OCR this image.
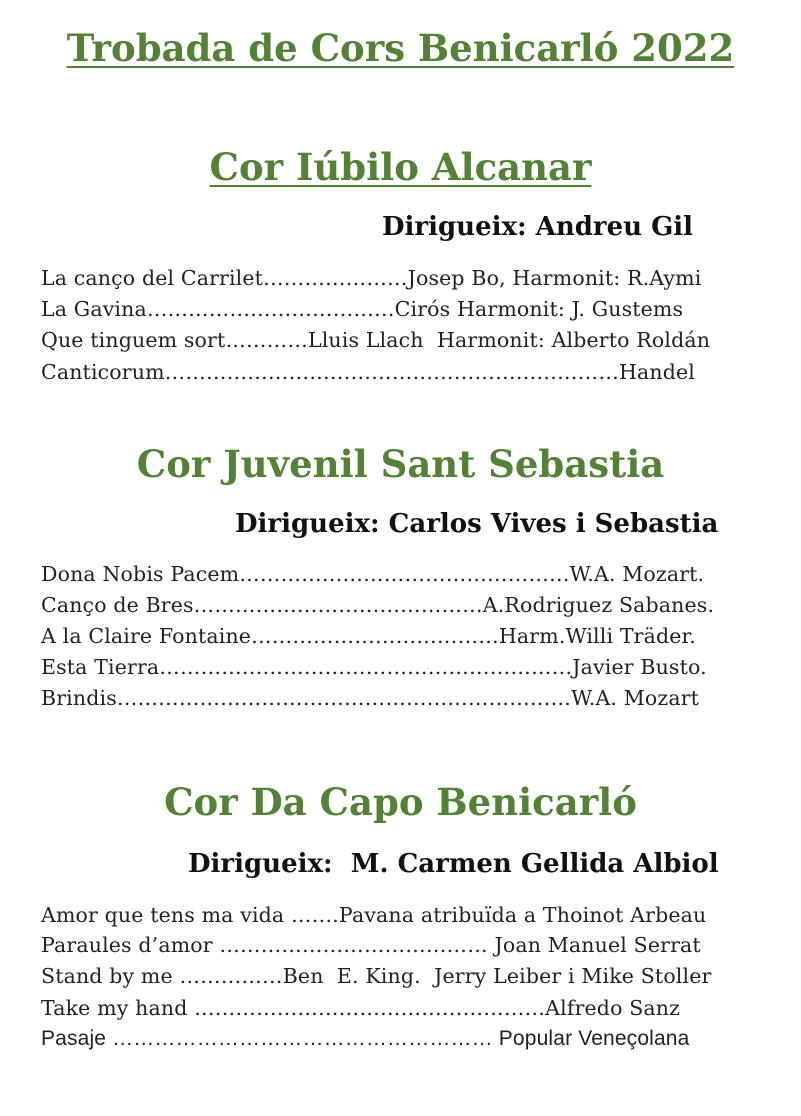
Trobada de Cors Benicarló 2022
Cor Iúbilo Alcanar

Dirigueix: Andreu Gil

La canço del Carrilet…………………Josep Bo, Harmonit: R.Aymi

La Gavina………………………………Cirós Harmonit: J. Gustems

Que tinguem sort…………Lluis Llach  Harmonit: Alberto Roldán

Canticorum…………………………………………………………Handel

Cor Juvenil Sant Sebastia

Dirigueix: Carlos Vives i Sebastia

Dona Nobis Pacem…………………………………………W.A. Mozart.

Canço de Bres……………………………………A.Rodriguez Sabanes.

A la Claire Fontaine………………………………Harm.Willi Träder.

Esta Tierra……………………………………………………Javier Busto.

Brindis…………………………………………………………W.A. Mozart

Cor Da Capo Benicarló

Dirigueix:  M. Carmen Gellida Albiol

Amor que tens ma vida …….Pavana atribuïda a Thoinot Arbeau

Paraules d’amor ………………………………… Joan Manuel Serrat

Stand by me ……………Ben  E. King.  Jerry Leiber i Mike Stoller

Take my hand ……………………………………………Alfredo Sanz

Pasaje ……………………………………………… Popular Veneçolana
